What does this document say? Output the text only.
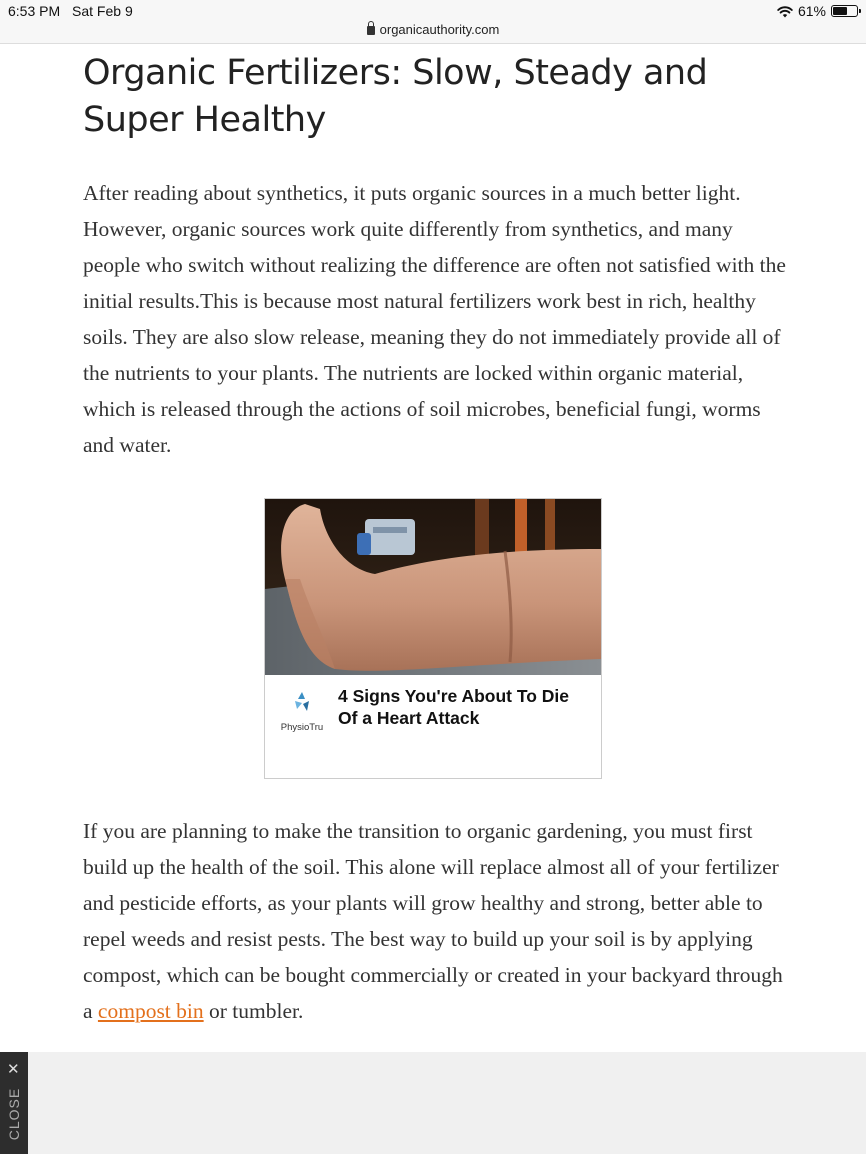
6:53 PM Sat Feb 9	61%
organicauthority.com
Organic Fertilizers: Slow, Steady and Super Healthy

After reading about synthetics, it puts organic sources in a much better light. However, organic sources work quite differently from synthetics, and many people who switch without realizing the difference are often not satisfied with the initial results.This is because most natural fertilizers work best in rich, healthy soils. They are also slow release, meaning they do not immediately provide all of the nutrients to your plants. The nutrients are locked within organic material, which is released through the actions of soil microbes, beneficial fungi, worms and water.

PhysioTru
4 Signs You're About To Die Of a Heart Attack

If you are planning to make the transition to organic gardening, you must first build up the health of the soil. This alone will replace almost all of your fertilizer and pesticide efforts, as your plants will grow healthy and strong, better able to repel weeds and resist pests. The best way to build up your soil is by applying compost, which can be bought commercially or created in your backyard through a compost bin or tumbler.

✕
CLOSE
